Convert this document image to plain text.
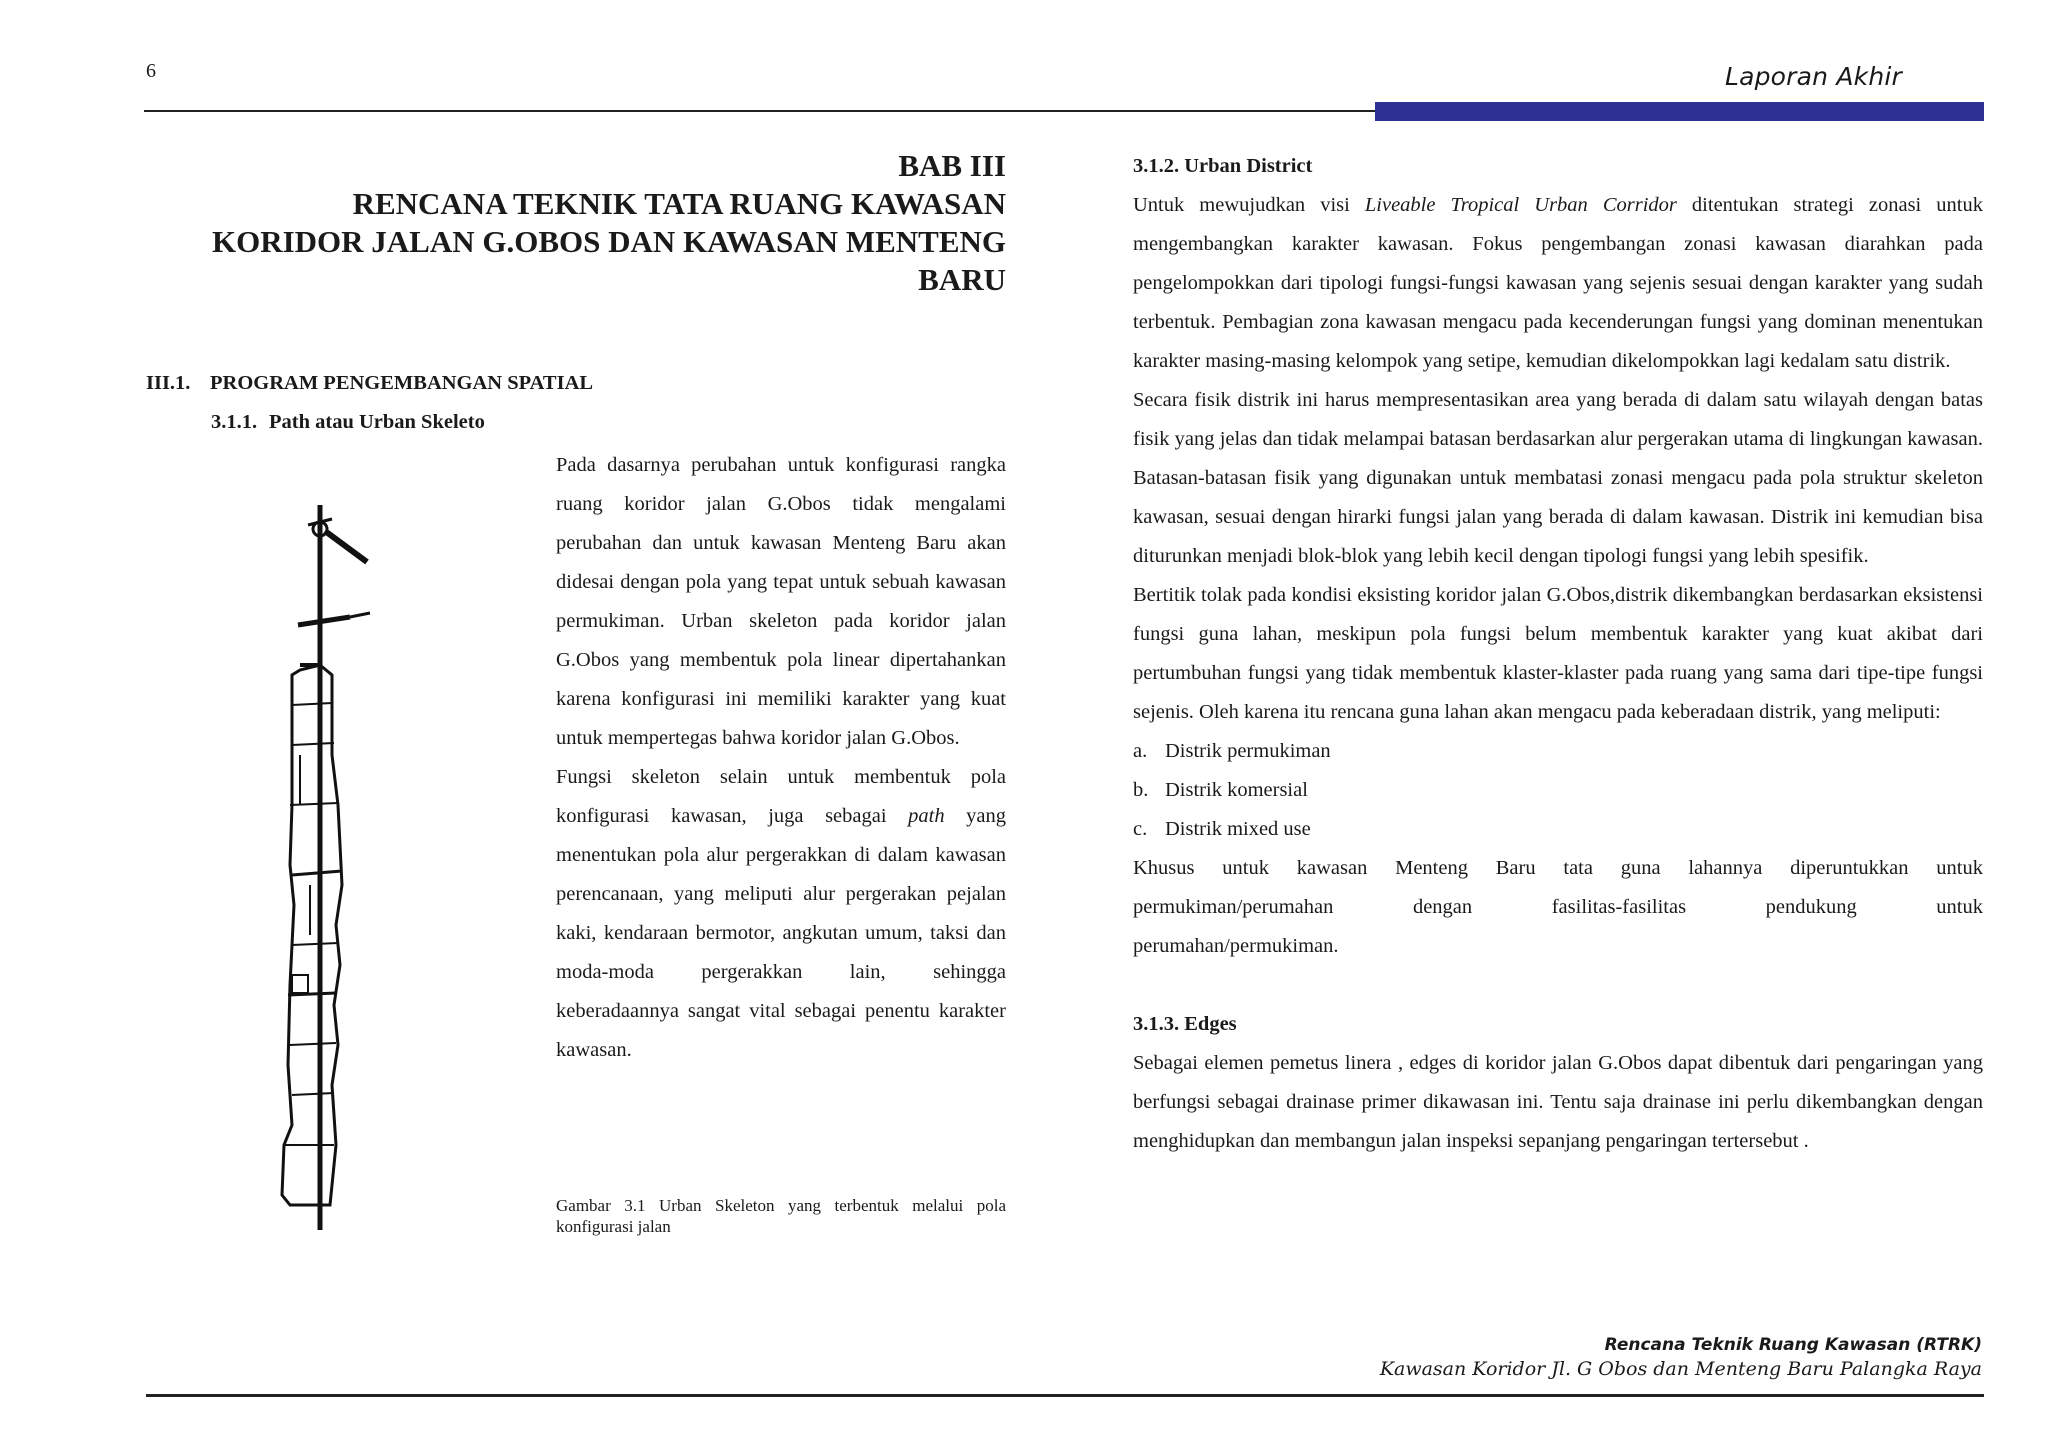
6	Laporan Akhir
BAB III
RENCANA TEKNIK TATA RUANG KAWASAN
KORIDOR JALAN G.OBOS DAN KAWASAN MENTENG
BARU
III.1. PROGRAM PENGEMBANGAN SPATIAL
3.1.1. Path atau Urban Skeleto

Pada dasarnya perubahan untuk konfigurasi rangka ruang koridor jalan G.Obos tidak mengalami perubahan dan untuk kawasan Menteng Baru akan didesai dengan pola yang tepat untuk sebuah kawasan permukiman. Urban skeleton pada koridor jalan G.Obos yang membentuk pola linear dipertahankan karena konfigurasi ini memiliki karakter yang kuat untuk mempertegas bahwa koridor jalan G.Obos.

Fungsi skeleton selain untuk membentuk pola konfigurasi kawasan, juga sebagai path yang menentukan pola alur pergerakkan di dalam kawasan perencanaan, yang meliputi alur pergerakan pejalan kaki, kendaraan bermotor, angkutan umum, taksi dan moda-moda pergerakkan lain, sehingga keberadaannya sangat vital sebagai penentu karakter kawasan.

Gambar 3.1 Urban Skeleton yang terbentuk melalui pola konfigurasi jalan

3.1.2. Urban District

Untuk mewujudkan visi Liveable Tropical Urban Corridor ditentukan strategi zonasi untuk mengembangkan karakter kawasan. Fokus pengembangan zonasi kawasan diarahkan pada pengelompokkan dari tipologi fungsi-fungsi kawasan yang sejenis sesuai dengan karakter yang sudah terbentuk. Pembagian zona kawasan mengacu pada kecenderungan fungsi yang dominan menentukan karakter masing-masing kelompok yang setipe, kemudian dikelompokkan lagi kedalam satu distrik.

Secara fisik distrik ini harus mempresentasikan area yang berada di dalam satu wilayah dengan batas fisik yang jelas dan tidak melampai batasan berdasarkan alur pergerakan utama di lingkungan kawasan. Batasan-batasan fisik yang digunakan untuk membatasi zonasi mengacu pada pola struktur skeleton kawasan, sesuai dengan hirarki fungsi jalan yang berada di dalam kawasan. Distrik ini kemudian bisa diturunkan menjadi blok-blok yang lebih kecil dengan tipologi fungsi yang lebih spesifik.

Bertitik tolak pada kondisi eksisting koridor jalan G.Obos,distrik dikembangkan berdasarkan eksistensi fungsi guna lahan, meskipun pola fungsi belum membentuk karakter yang kuat akibat dari pertumbuhan fungsi yang tidak membentuk klaster-klaster pada ruang yang sama dari tipe-tipe fungsi sejenis. Oleh karena itu rencana guna lahan akan mengacu pada keberadaan distrik, yang meliputi:

a. Distrik permukiman
b. Distrik komersial
c. Distrik mixed use

Khusus untuk kawasan Menteng Baru tata guna lahannya diperuntukkan untuk permukiman/perumahan dengan fasilitas-fasilitas pendukung untuk

perumahan/permukiman.

3.1.3. Edges

Sebagai elemen pemetus linera , edges di koridor jalan G.Obos dapat dibentuk dari pengaringan yang berfungsi sebagai drainase primer dikawasan ini. Tentu saja drainase ini perlu dikembangkan dengan menghidupkan dan membangun jalan inspeksi sepanjang pengaringan tertersebut .

Rencana Teknik Ruang Kawasan (RTRK)
Kawasan Koridor Jl. G Obos dan Menteng Baru Palangka Raya
